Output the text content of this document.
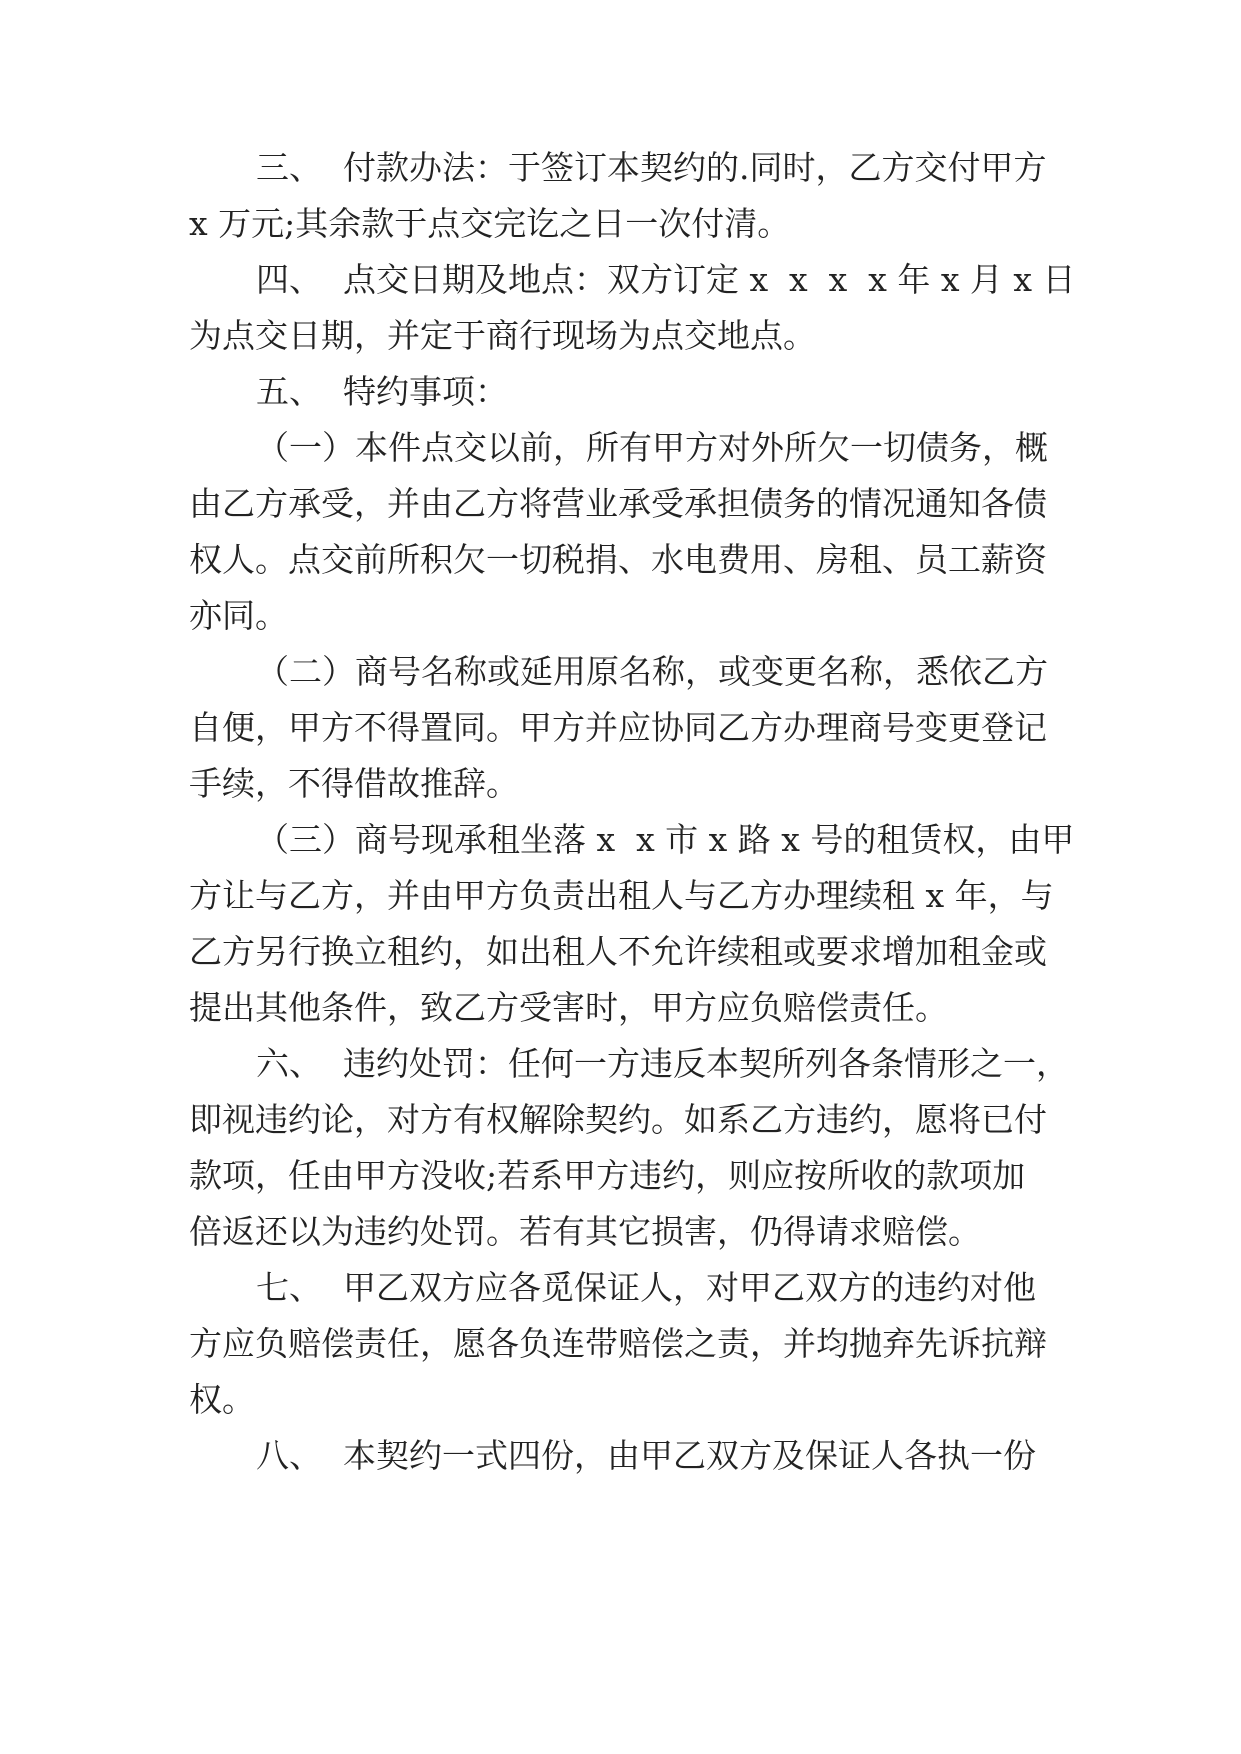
三、  付款办法：于签订本契约的.同时，乙方交付甲方
x 万元;其余款于点交完讫之日一次付清。
四、  点交日期及地点：双方订定 x  x  x  x 年 x 月 x 日
为点交日期，并定于商行现场为点交地点。
五、  特约事项：
（一）本件点交以前，所有甲方对外所欠一切债务，概
由乙方承受，并由乙方将营业承受承担债务的情况通知各债
权人。点交前所积欠一切税捐、水电费用、房租、员工薪资
亦同。
（二）商号名称或延用原名称，或变更名称，悉依乙方
自便，甲方不得置同。甲方并应协同乙方办理商号变更登记
手续，不得借故推辞。
（三）商号现承租坐落 x  x 市 x 路 x 号的租赁权，由甲
方让与乙方，并由甲方负责出租人与乙方办理续租 x 年，与
乙方另行换立租约，如出租人不允许续租或要求增加租金或
提出其他条件，致乙方受害时，甲方应负赔偿责任。
六、  违约处罚：任何一方违反本契所列各条情形之一，
即视违约论，对方有权解除契约。如系乙方违约，愿将已付
款项，任由甲方没收;若系甲方违约，则应按所收的款项加
倍返还以为违约处罚。若有其它损害，仍得请求赔偿。
七、  甲乙双方应各觅保证人，对甲乙双方的违约对他
方应负赔偿责任，愿各负连带赔偿之责，并均抛弃先诉抗辩
权。
八、  本契约一式四份，由甲乙双方及保证人各执一份
